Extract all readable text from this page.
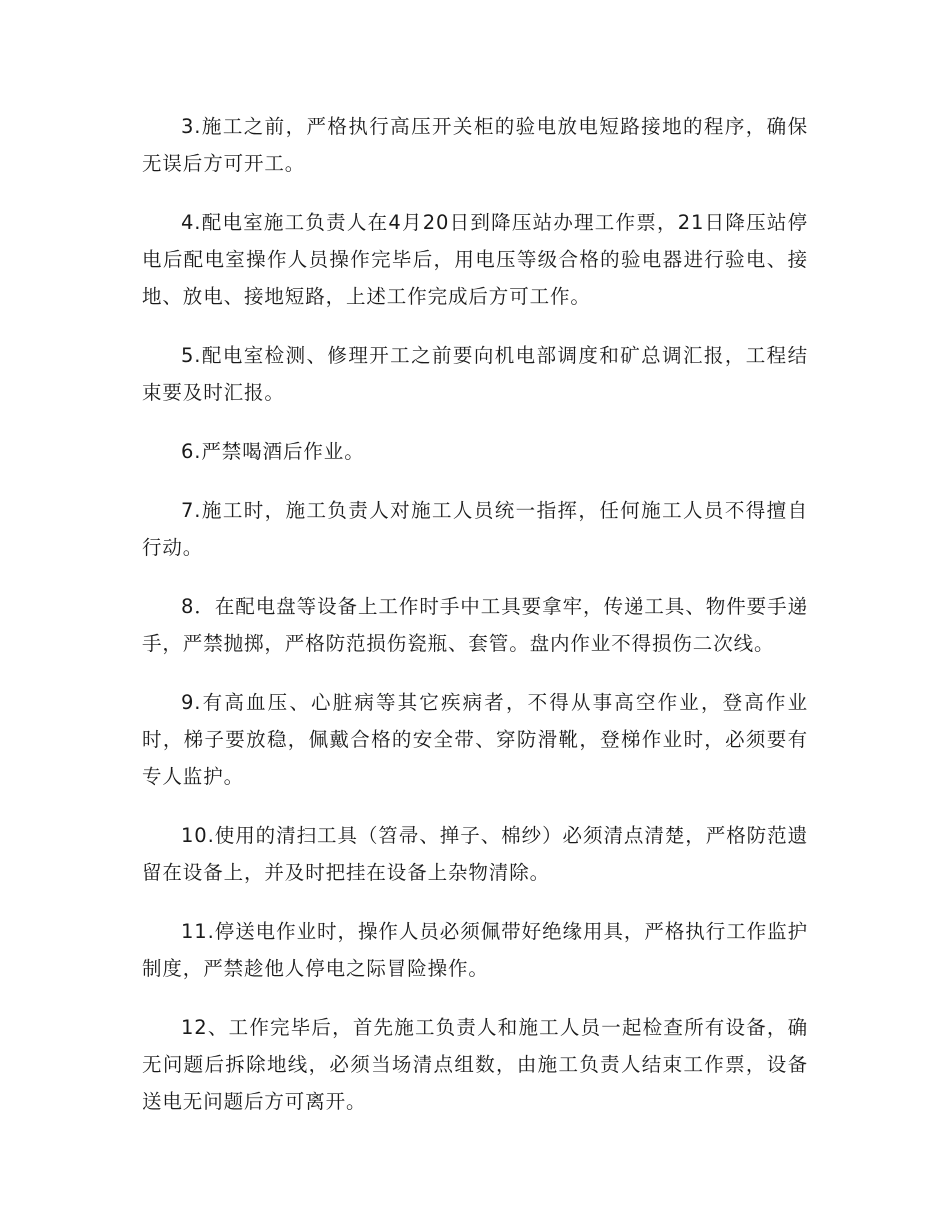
3.施工之前，严格执行高压开关柜的验电放电短路接地的程序，确保无误后方可开工。

4.配电室施工负责人在4月20日到降压站办理工作票，21日降压站停电后配电室操作人员操作完毕后，用电压等级合格的验电器进行验电、接地、放电、接地短路，上述工作完成后方可工作。

5.配电室检测、修理开工之前要向机电部调度和矿总调汇报，工程结束要及时汇报。

6.严禁喝酒后作业。

7.施工时，施工负责人对施工人员统一指挥，任何施工人员不得擅自行动。

8．在配电盘等设备上工作时手中工具要拿牢，传递工具、物件要手递手，严禁抛掷，严格防范损伤瓷瓶、套管。盘内作业不得损伤二次线。

9.有高血压、心脏病等其它疾病者，不得从事高空作业，登高作业时，梯子要放稳，佩戴合格的安全带、穿防滑靴，登梯作业时，必须要有专人监护。

10.使用的清扫工具（笤帚、掸子、棉纱）必须清点清楚，严格防范遗留在设备上，并及时把挂在设备上杂物清除。

11.停送电作业时，操作人员必须佩带好绝缘用具，严格执行工作监护制度，严禁趁他人停电之际冒险操作。

12、工作完毕后，首先施工负责人和施工人员一起检查所有设备，确无问题后拆除地线，必须当场清点组数，由施工负责人结束工作票，设备送电无问题后方可离开。
